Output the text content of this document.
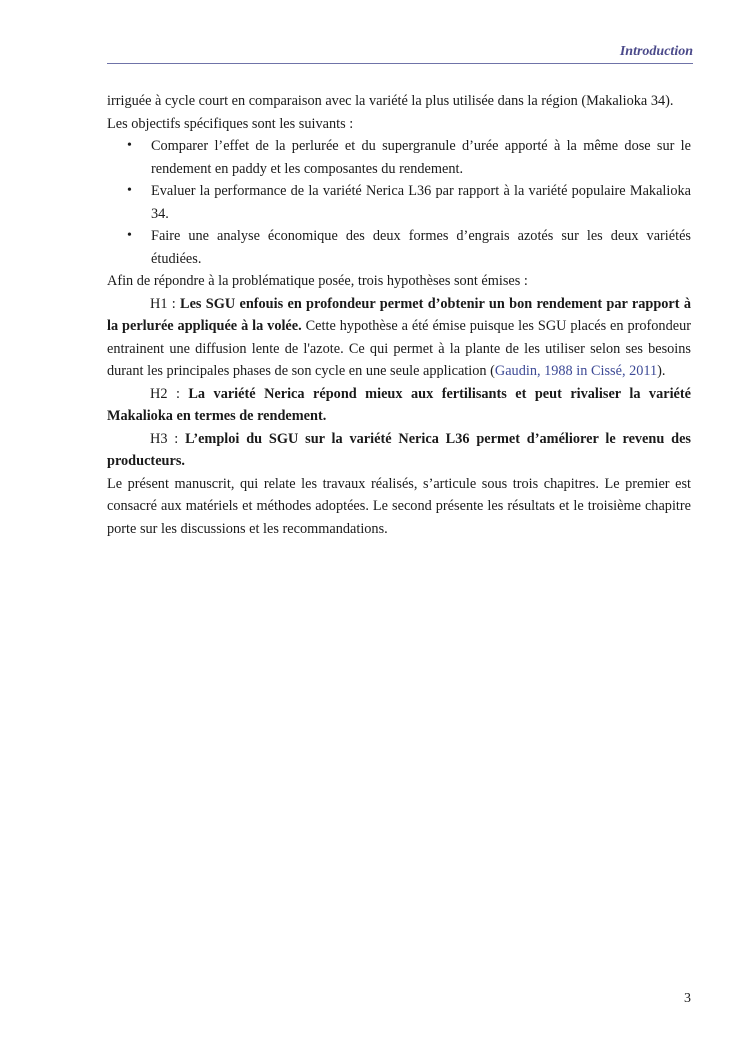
Introduction

irriguée à cycle court en comparaison avec la variété la plus utilisée dans la région (Makalioka 34).

Les objectifs spécifiques sont les suivants :

• Comparer l’effet de la perlurée et du supergranule d’urée apporté à la même dose sur le rendement en paddy et les composantes du rendement.
• Evaluer la performance de la variété Nerica L36 par rapport à la variété populaire Makalioka 34.
• Faire une analyse économique des deux formes d’engrais azotés sur les deux variétés étudiées.

Afin de répondre à la problématique posée, trois hypothèses sont émises :

H1 : Les SGU enfouis en profondeur permet d’obtenir un bon rendement par rapport à la perlurée appliquée à la volée. Cette hypothèse a été émise puisque les SGU placés en profondeur entrainent une diffusion lente de l'azote. Ce qui permet à la plante de les utiliser selon ses besoins durant les principales phases de son cycle en une seule application (Gaudin, 1988 in Cissé, 2011).

H2 : La variété Nerica répond mieux aux fertilisants et peut rivaliser la variété Makalioka en termes de rendement.

H3 : L’emploi du SGU sur la variété Nerica L36 permet d’améliorer le revenu des producteurs.

Le présent manuscrit, qui relate les travaux réalisés, s’articule sous trois chapitres. Le premier est consacré aux matériels et méthodes adoptées. Le second présente les résultats et le troisième chapitre porte sur les discussions et les recommandations.

3
